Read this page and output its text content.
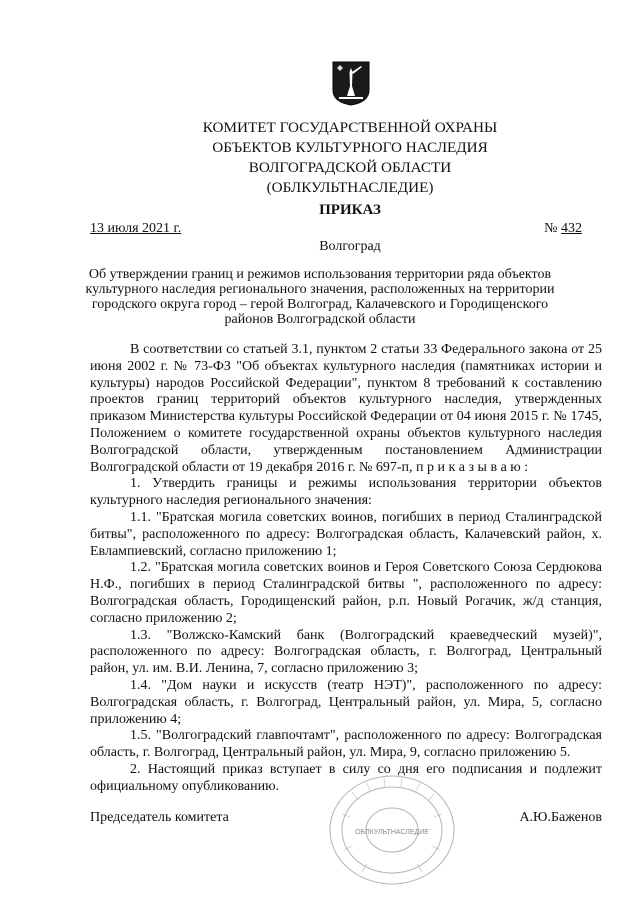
КОМИТЕТ ГОСУДАРСТВЕННОЙ ОХРАНЫ
ОБЪЕКТОВ КУЛЬТУРНОГО НАСЛЕДИЯ
ВОЛГОГРАДСКОЙ ОБЛАСТИ
(ОБЛКУЛЬТНАСЛЕДИЕ)
ПРИКАЗ
13 июля 2021 г.	№ 432
Волгоград
Об утверждении границ и режимов использования территории ряда объектов
культурного наследия регионального значения, расположенных на территории
городского округа город – герой Волгоград, Калачевского и Городищенского
районов Волгоградской области

В соответствии со статьей 3.1, пунктом 2 статьи 33 Федерального закона от 25 июня 2002 г. № 73-ФЗ "Об объектах культурного наследия (памятниках истории и культуры) народов Российской Федерации", пунктом 8 требований к составлению проектов границ территорий объектов культурного наследия, утвержденных приказом Министерства культуры Российской Федерации от 04 июня 2015 г. № 1745, Положением о комитете государственной охраны объектов культурного наследия Волгоградской области, утвержденным постановлением Администрации Волгоградской области от 19 декабря 2016 г. № 697-п, п р и к а з ы в а ю :

1. Утвердить границы и режимы использования территории объектов культурного наследия регионального значения:

1.1. "Братская могила советских воинов, погибших в период Сталинградской битвы", расположенного по адресу: Волгоградская область, Калачевский район, х. Евлампиевский, согласно приложению 1;

1.2. "Братская могила советских воинов и Героя Советского Союза Сердюкова Н.Ф., погибших в период Сталинградской битвы ", расположенного по адресу: Волгоградская область, Городищенский район, р.п. Новый Рогачик, ж/д станция, согласно приложению 2;

1.3. "Волжско-Камский банк (Волгоградский краеведческий музей)", расположенного по адресу: Волгоградская область, г. Волгоград, Центральный район, ул. им. В.И. Ленина, 7, согласно приложению 3;

1.4. "Дом науки и искусств (театр НЭТ)", расположенного по адресу: Волгоградская область, г. Волгоград, Центральный район, ул. Мира, 5, согласно приложению 4;

1.5. "Волгоградский главпочтамт", расположенного по адресу: Волгоградская область, г. Волгоград, Центральный район, ул. Мира, 9, согласно приложению 5.

2. Настоящий приказ вступает в силу со дня его подписания и подлежит официальному опубликованию.

ОБЛКУЛЬТНАСЛЕДИЕ
Председатель комитета	А.Ю.Баженов
